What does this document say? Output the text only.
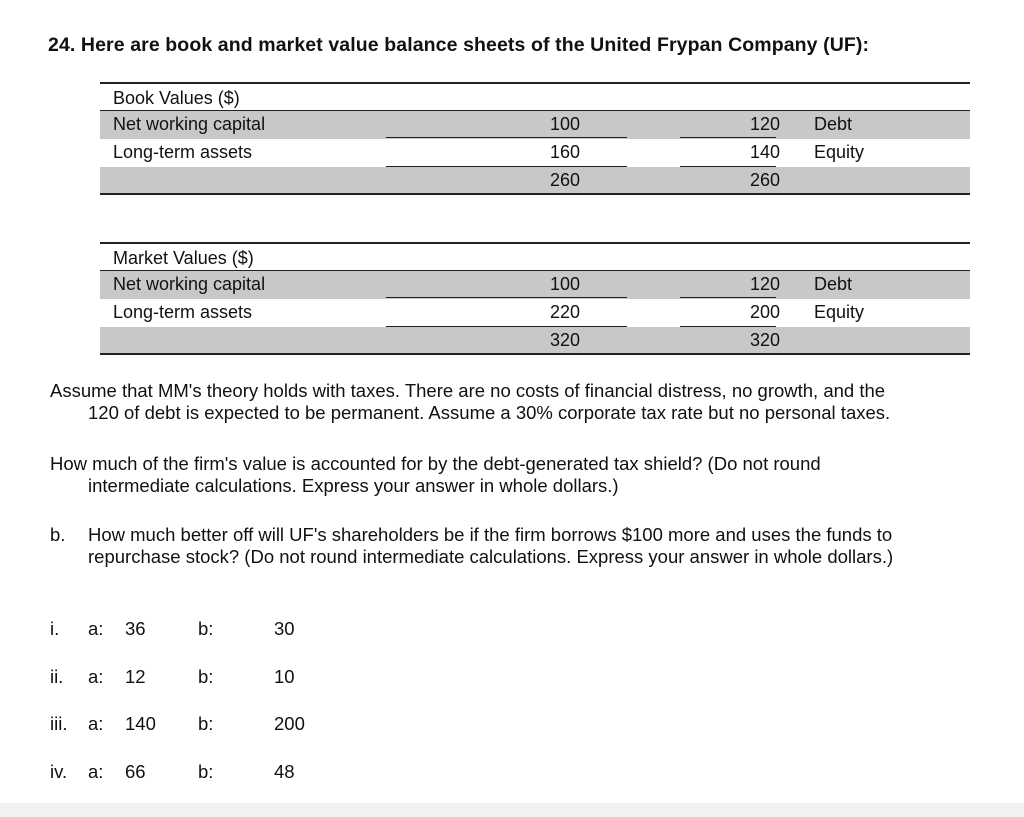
24. Here are book and market value balance sheets of the United Frypan Company (UF):
Book Values ($)
Net working capital	100	120	Debt
Long-term assets	160	140	Equity
260	260
Market Values ($)
Net working capital	100	120	Debt
Long-term assets	220	200	Equity
320	320
Assume that MM's theory holds with taxes. There are no costs of financial distress, no growth, and the
120 of debt is expected to be permanent. Assume a 30% corporate tax rate but no personal taxes.
How much of the firm's value is accounted for by the debt-generated tax shield? (Do not round
intermediate calculations. Express your answer in whole dollars.)
b.	How much better off will UF's shareholders be if the firm borrows $100 more and uses the funds to
repurchase stock? (Do not round intermediate calculations. Express your answer in whole dollars.)
i. a: 36	b:	30
ii. a: 12	b:	10
iii. a: 140 b:	200
iv. a: 66	b:	48
